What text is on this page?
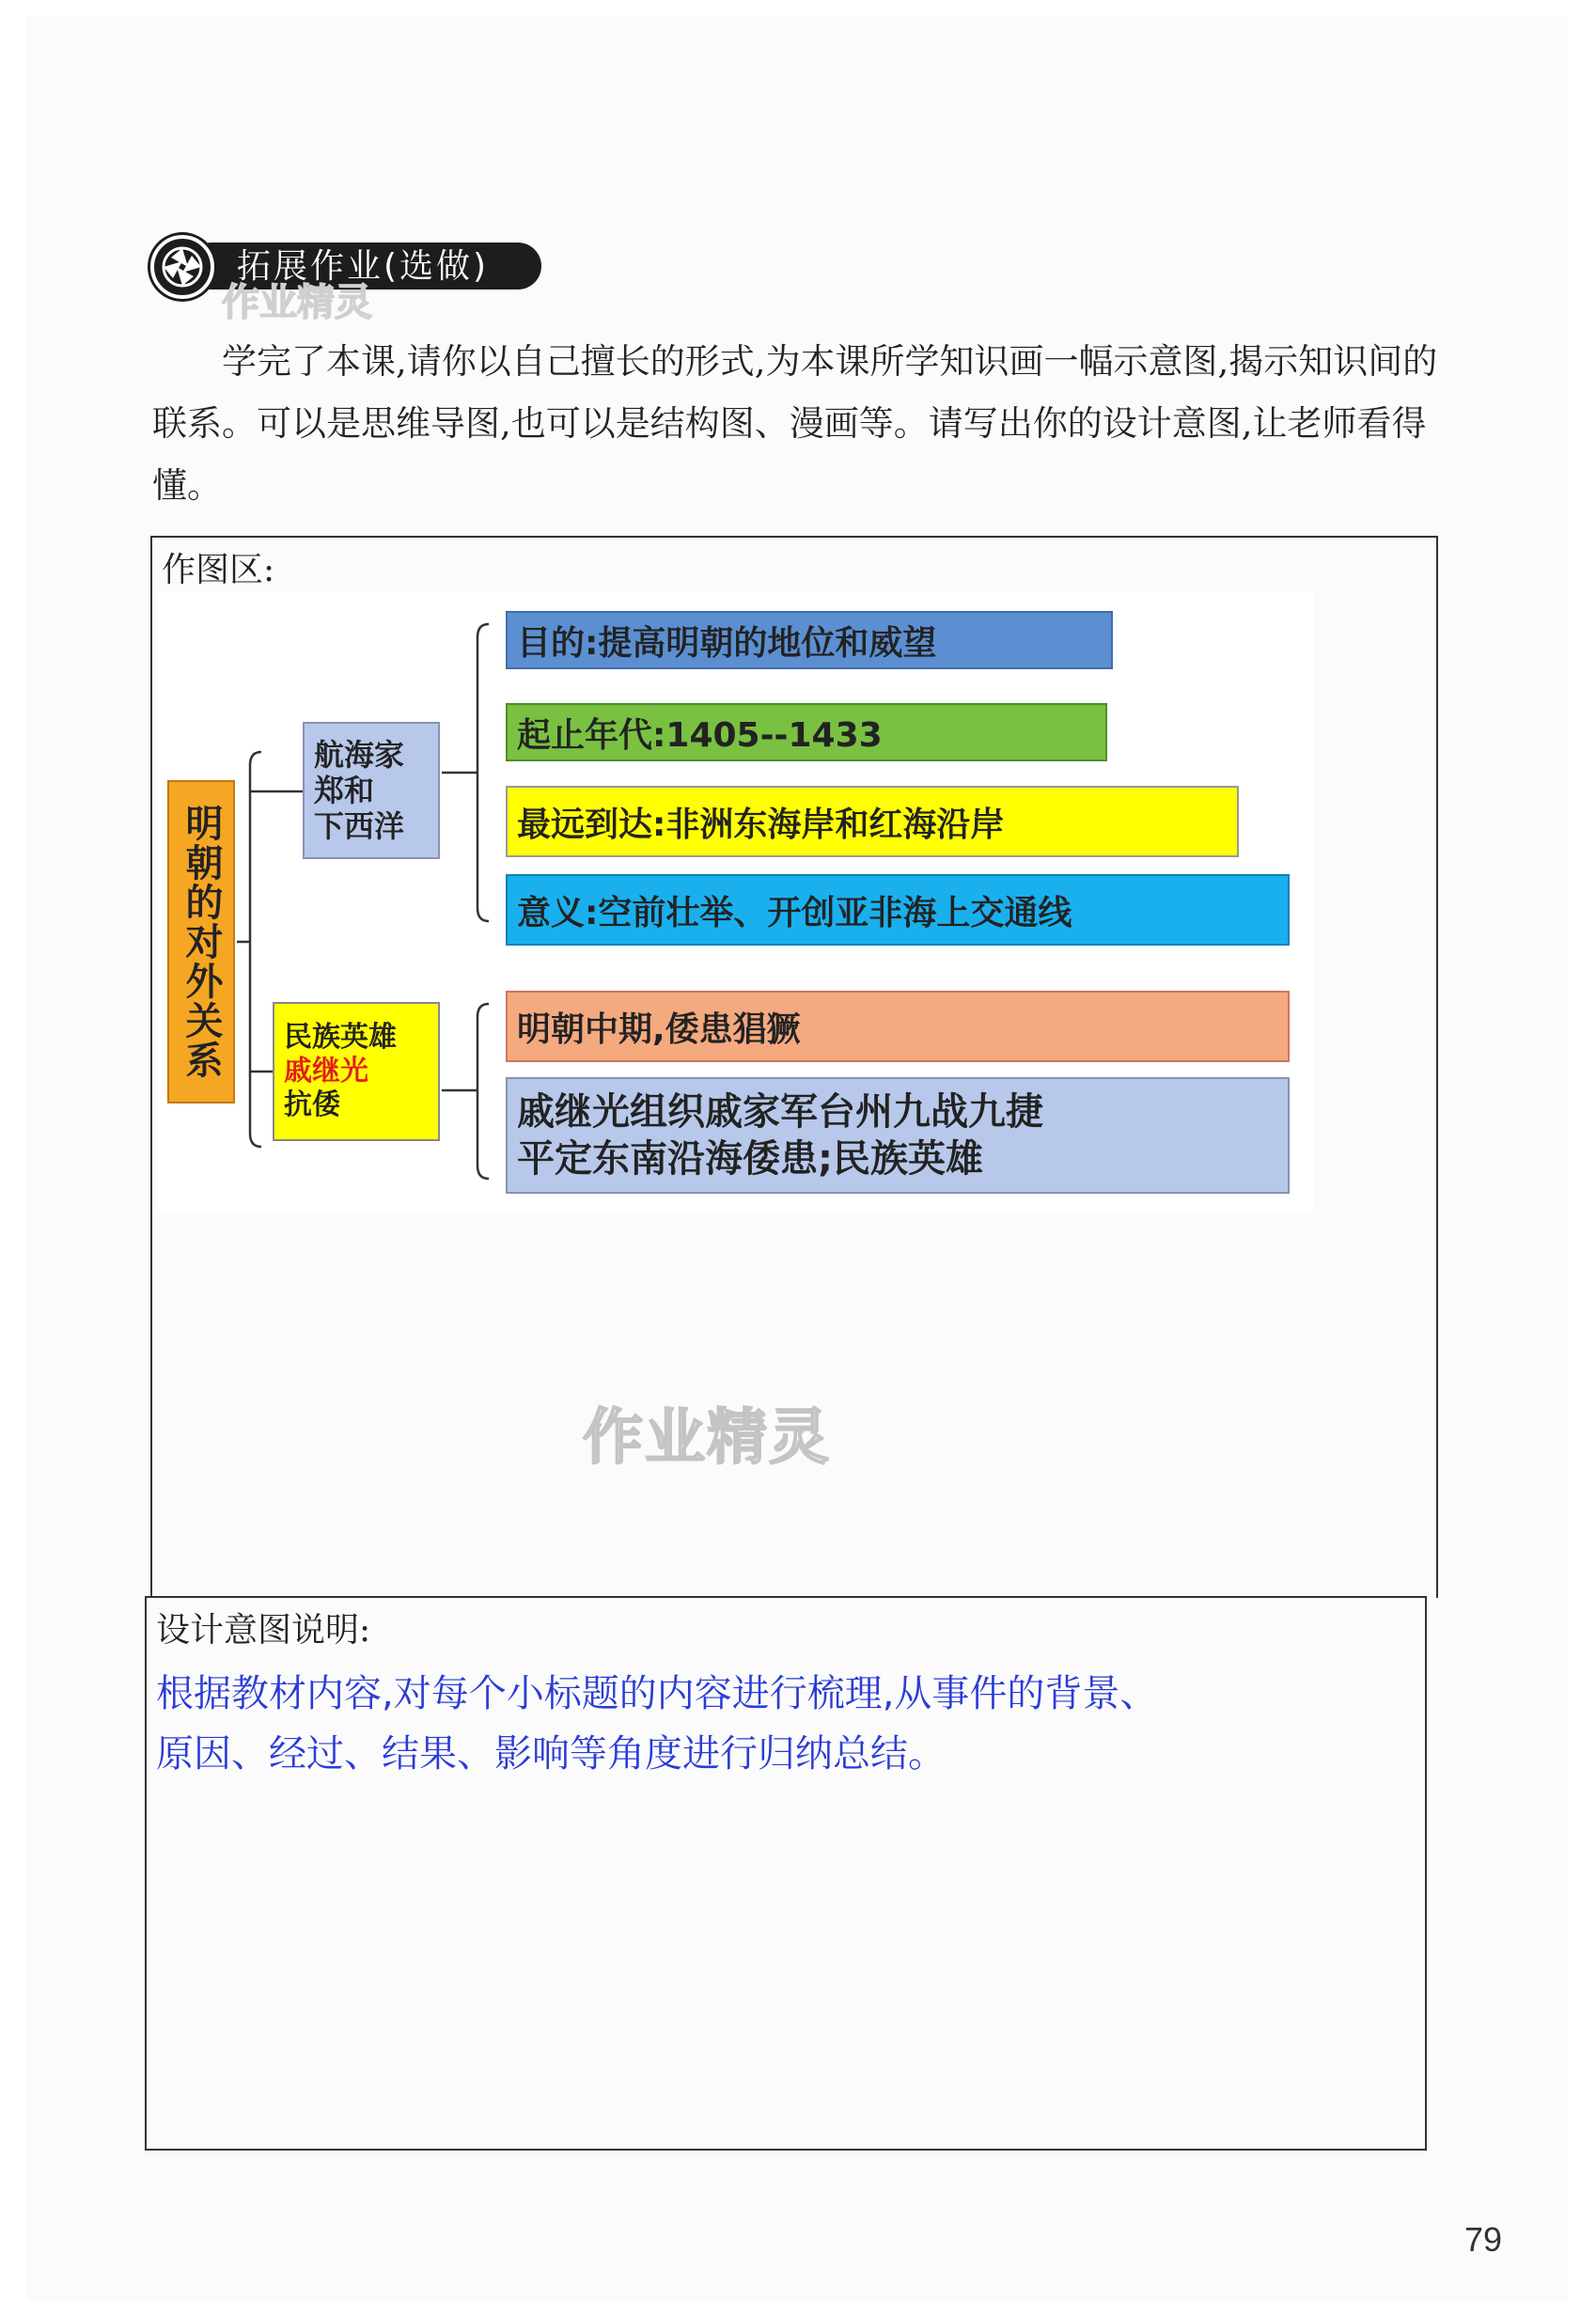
拓展作业(选做)
作业精灵

学完了本课,请你以自己擅长的形式,为本课所学知识画一幅示意图,揭示知识间的联系。可以是思维导图,也可以是结构图、漫画等。请写出你的设计意图,让老师看得懂。

作图区:
明
朝
的
对
外
关
系
航海家
郑和
下西洋
民族英雄
戚继光
抗倭
目的:提高明朝的地位和威望
起止年代:1405--1433
最远到达:非洲东海岸和红海沿岸
意义:空前壮举、开创亚非海上交通线
明朝中期,倭患猖獗
戚继光组织戚家军台州九战九捷
平定东南沿海倭患;民族英雄
作业精灵
设计意图说明:
根据教材内容,对每个小标题的内容进行梳理,从事件的背景、
原因、经过、结果、影响等角度进行归纳总结。
79
